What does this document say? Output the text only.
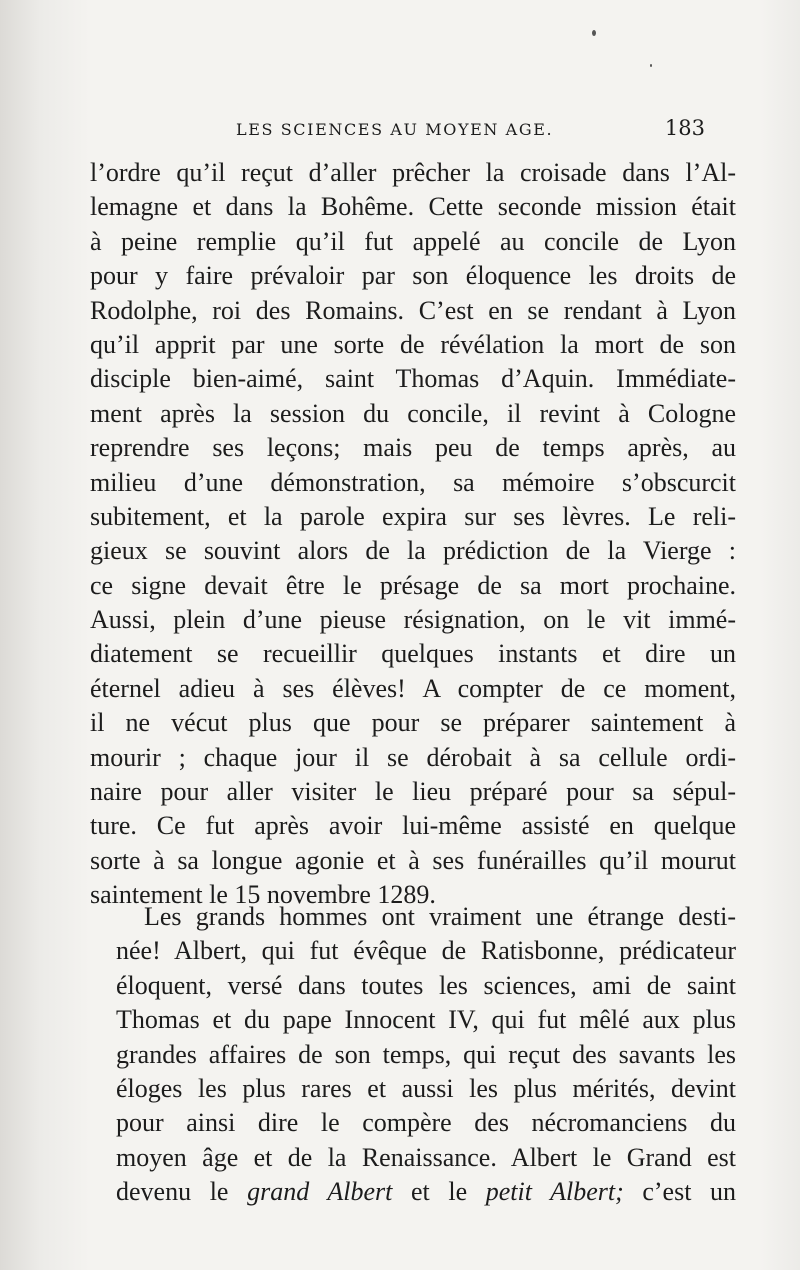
LES SCIENCES AU MOYEN AGE.	183
l’ordre qu’il reçut d’aller prêcher la croisade dans l’Al-
lemagne et dans la Bohême. Cette seconde mission était
à peine remplie qu’il fut appelé au concile de Lyon
pour y faire prévaloir par son éloquence les droits de
Rodolphe, roi des Romains. C’est en se rendant à Lyon
qu’il apprit par une sorte de révélation la mort de son
disciple bien-aimé, saint Thomas d’Aquin. Immédiate-
ment après la session du concile, il revint à Cologne
reprendre ses leçons; mais peu de temps après, au
milieu d’une démonstration, sa mémoire s’obscurcit
subitement, et la parole expira sur ses lèvres. Le reli-
gieux se souvint alors de la prédiction de la Vierge :
ce signe devait être le présage de sa mort prochaine.
Aussi, plein d’une pieuse résignation, on le vit immé-
diatement se recueillir quelques instants et dire un
éternel adieu à ses élèves! A compter de ce moment,
il ne vécut plus que pour se préparer saintement à
mourir ; chaque jour il se dérobait à sa cellule ordi-
naire pour aller visiter le lieu préparé pour sa sépul-
ture. Ce fut après avoir lui-même assisté en quelque
sorte à sa longue agonie et à ses funérailles qu’il mourut
saintement le 15 novembre 1289.
Les grands hommes ont vraiment une étrange desti-
née! Albert, qui fut évêque de Ratisbonne, prédicateur
éloquent, versé dans toutes les sciences, ami de saint
Thomas et du pape Innocent IV, qui fut mêlé aux plus
grandes affaires de son temps, qui reçut des savants les
éloges les plus rares et aussi les plus mérités, devint
pour ainsi dire le compère des nécromanciens du
moyen âge et de la Renaissance. Albert le Grand est
devenu le grand Albert et le petit Albert; c’est un
